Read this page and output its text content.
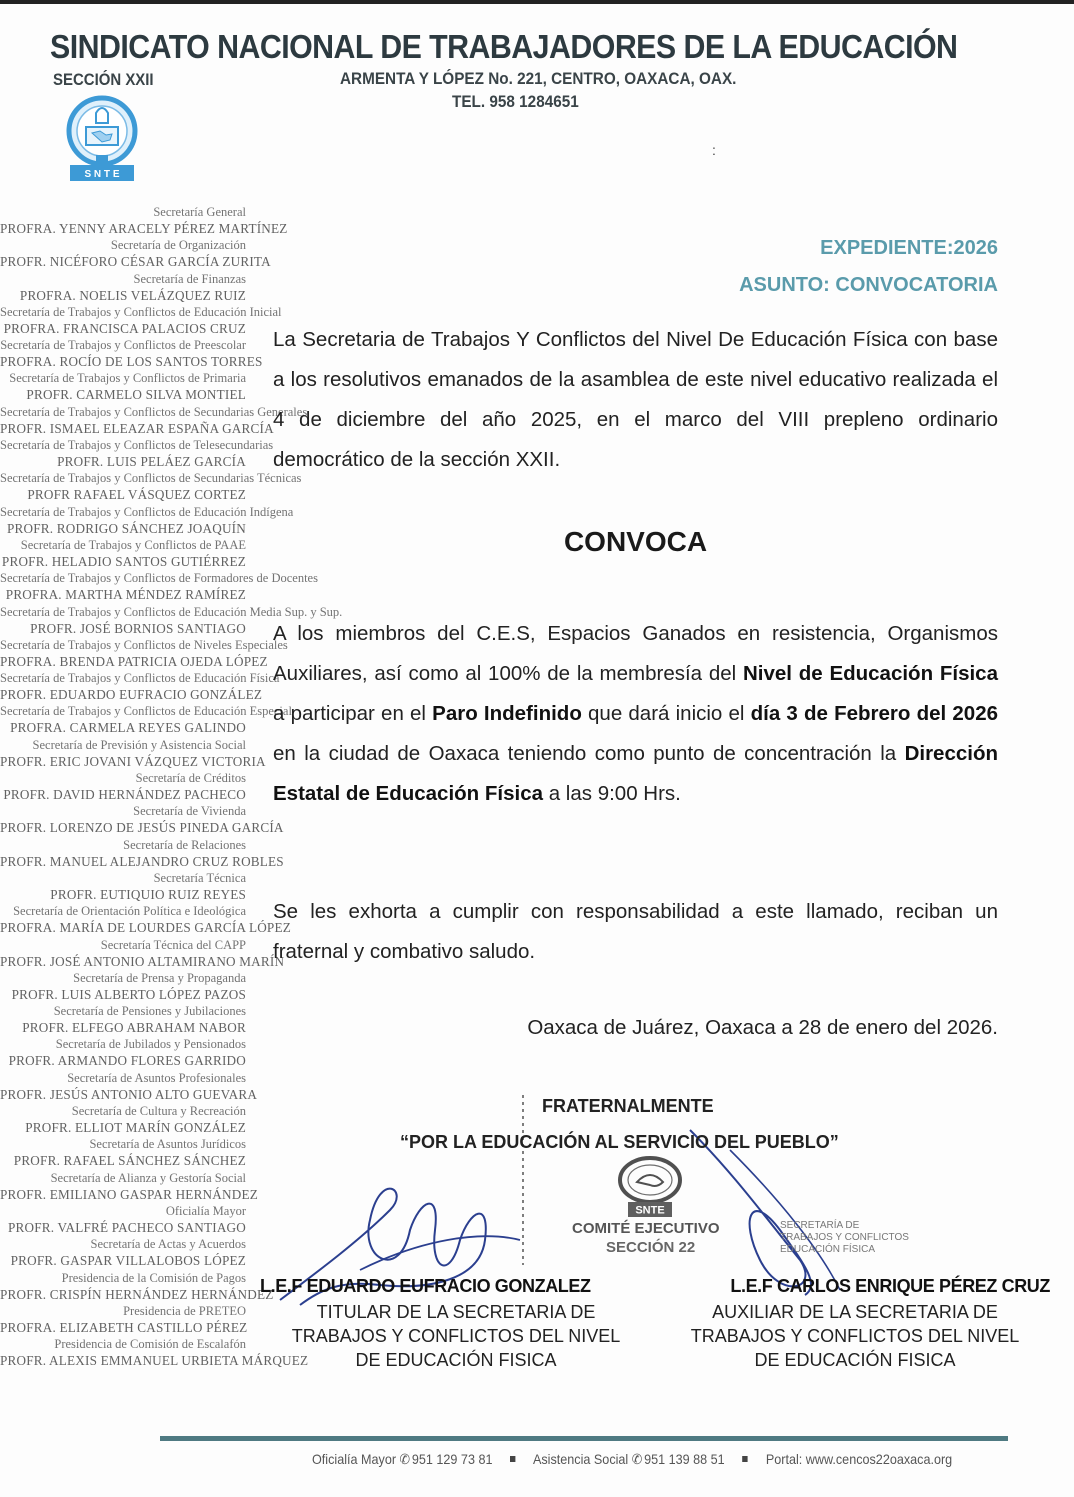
SINDICATO NACIONAL DE TRABAJADORES DE LA EDUCACIÓN
SECCIÓN XXII	ARMENTA Y LÓPEZ No. 221, CENTRO, OAXACA, OAX.
TEL. 958 1284651
:
S N T E
Secretaría General
PROFRA. YENNY ARACELY PÉREZ MARTÍNEZ
Secretaría de Organización
PROFR. NICÉFORO CÉSAR GARCÍA ZURITA
Secretaría de Finanzas
PROFRA. NOELIS VELÁZQUEZ RUIZ
Secretaría de Trabajos y Conflictos de Educación Inicial
PROFRA. FRANCISCA PALACIOS CRUZ
Secretaría de Trabajos y Conflictos de Preescolar
PROFRA. ROCÍO DE LOS SANTOS TORRES
Secretaría de Trabajos y Conflictos de Primaria
PROFR. CARMELO SILVA MONTIEL
Secretaría de Trabajos y Conflictos de Secundarias Generales
PROFR. ISMAEL ELEAZAR ESPAÑA GARCÍA
Secretaría de Trabajos y Conflictos de Telesecundarias
PROFR. LUIS PELÁEZ GARCÍA
Secretaría de Trabajos y Conflictos de Secundarias Técnicas
PROFR RAFAEL VÁSQUEZ CORTEZ
Secretaría de Trabajos y Conflictos de Educación Indígena
PROFR. RODRIGO SÁNCHEZ JOAQUÍN
Secretaría de Trabajos y Conflictos de PAAE
PROFR. HELADIO SANTOS GUTIÉRREZ
Secretaría de Trabajos y Conflictos de Formadores de Docentes
PROFRA. MARTHA MÉNDEZ RAMÍREZ
Secretaría de Trabajos y Conflictos de Educación Media Sup. y Sup.
PROFR. JOSÉ BORNIOS SANTIAGO
Secretaría de Trabajos y Conflictos de Niveles Especiales
PROFRA. BRENDA PATRICIA OJEDA LÓPEZ
Secretaría de Trabajos y Conflictos de Educación Física
PROFR. EDUARDO EUFRACIO GONZÁLEZ
Secretaría de Trabajos y Conflictos de Educación Especial
PROFRA. CARMELA REYES GALINDO
Secretaría de Previsión y Asistencia Social
PROFR. ERIC JOVANI VÁZQUEZ VICTORIA
Secretaría de Créditos
PROFR. DAVID HERNÁNDEZ PACHECO
Secretaría de Vivienda
PROFR. LORENZO DE JESÚS PINEDA GARCÍA
Secretaría de Relaciones
PROFR. MANUEL ALEJANDRO CRUZ ROBLES
Secretaría Técnica
PROFR. EUTIQUIO RUIZ REYES
Secretaría de Orientación Política e Ideológica
PROFRA. MARÍA DE LOURDES GARCÍA LÓPEZ
Secretaría Técnica del CAPP
PROFR. JOSÉ ANTONIO ALTAMIRANO MARÍN
Secretaría de Prensa y Propaganda
PROFR. LUIS ALBERTO LÓPEZ PAZOS
Secretaría de Pensiones y Jubilaciones
PROFR. ELFEGO ABRAHAM NABOR
Secretaría de Jubilados y Pensionados
PROFR. ARMANDO FLORES GARRIDO
Secretaría de Asuntos Profesionales
PROFR. JESÚS ANTONIO ALTO GUEVARA
Secretaría de Cultura y Recreación
PROFR. ELLIOT MARÍN GONZÁLEZ
Secretaría de Asuntos Jurídicos
PROFR. RAFAEL SÁNCHEZ SÁNCHEZ
Secretaría de Alianza y Gestoría Social
PROFR. EMILIANO GASPAR HERNÁNDEZ
Oficialía Mayor
PROFR. VALFRÉ PACHECO SANTIAGO
Secretaría de Actas y Acuerdos
PROFR. GASPAR VILLALOBOS LÓPEZ
Presidencia de la Comisión de Pagos
PROFR. CRISPÍN HERNÁNDEZ HERNÁNDEZ
Presidencia de PRETEO
PROFRA. ELIZABETH CASTILLO PÉREZ
Presidencia de Comisión de Escalafón
PROFR. ALEXIS EMMANUEL URBIETA MÁRQUEZ
EXPEDIENTE:2026
ASUNTO: CONVOCATORIA
La Secretaria de Trabajos Y Conflictos del Nivel De Educación Física con base a los resolutivos emanados de la asamblea de este nivel educativo realizada el 4 de diciembre del año 2025, en el marco del VIII prepleno ordinario democrático de la sección XXII.
CONVOCA
A los miembros del C.E.S, Espacios Ganados en resistencia, Organismos Auxiliares, así como al 100% de la membresía del Nivel de Educación Física a participar en el Paro Indefinido que dará inicio el día 3 de Febrero del 2026 en la ciudad de Oaxaca teniendo como punto de concentración la Dirección Estatal de Educación Física a las 9:00 Hrs.
Se les exhorta a cumplir con responsabilidad a este llamado, reciban un fraternal y combativo saludo.
Oaxaca de Juárez, Oaxaca a 28 de enero del 2026.
SNTE
FRATERNALMENTE
“POR LA EDUCACIÓN AL SERVICIO DEL PUEBLO”
COMITÉ EJECUTIVO
SECCIÓN 22
SECRETARÍA DE
TRABAJOS Y CONFLICTOS
EDUCACIÓN FÍSICA
L.E.F EDUARDO EUFRACIO GONZALEZ
TITULAR DE LA SECRETARIA DE
TRABAJOS Y CONFLICTOS DEL NIVEL
DE EDUCACIÓN FISICA
L.E.F CARLOS ENRIQUE PÉREZ CRUZ
AUXILIAR DE LA SECRETARIA DE
TRABAJOS Y CONFLICTOS DEL NIVEL
DE EDUCACIÓN FISICA
Oficialía Mayor ✆ 951 129 73 81	Asistencia Social ✆ 951 139 88 51	Portal: www.cencos22oaxaca.org
